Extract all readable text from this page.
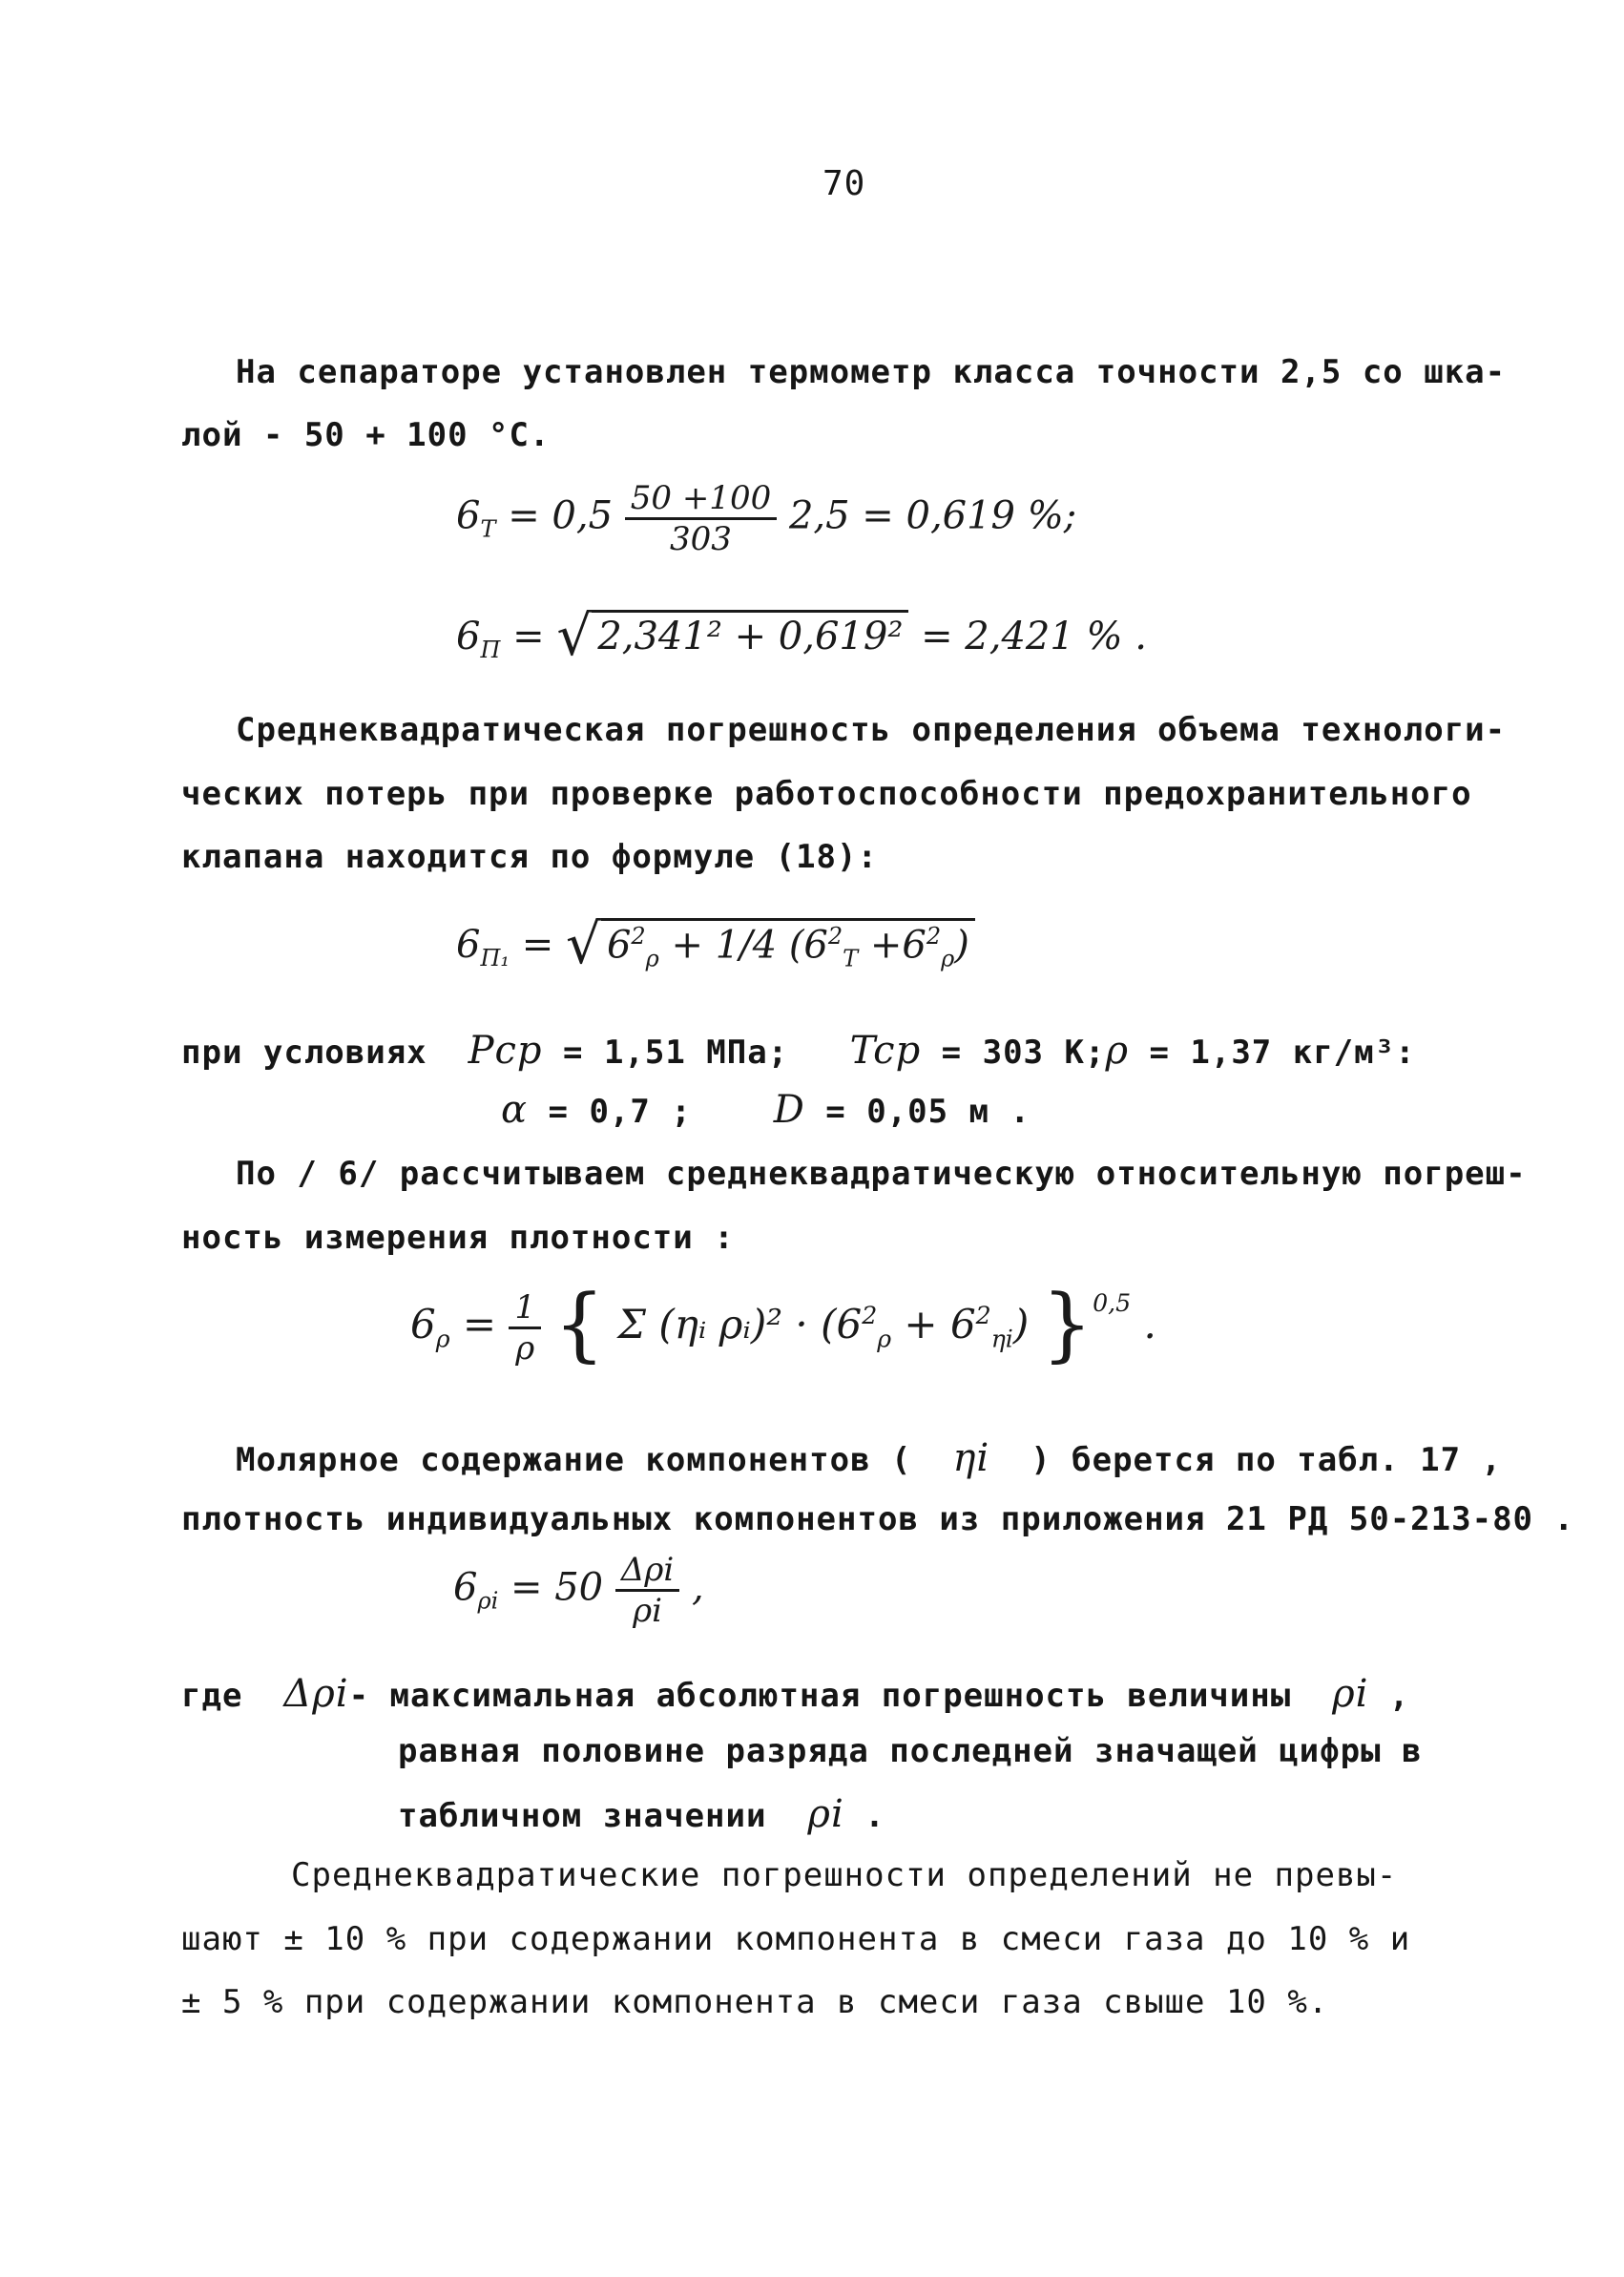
70
На сепараторе установлен термометр класса точности 2,5 со шка-
лой - 50 + 100 °С.
$6_T = 0,5 \frac{50 +100}{303} 2,5 = 0,619$ %;
$6_П$ = √ 2,341² + 0,619² = 2,421 % .
Среднеквадратическая погрешность определения объема технологи-
ческих потерь при проверке работоспособности предохранительного
клапана находится по формуле (18):
$6_{П_1}$ = √ $6^2_\rho + 1/4$ $(6^2_T +6^2_\rho)$
при условиях Pcp = 1,51 МПа; Tcp = 303 К;ρ = 1,37 кг/м³:
α = 0,7 ; D = 0,05 м .
По / 6/ рассчитываем среднеквадратическую относительную погреш-
ность измерения плотности :
$6_\rho = \frac{1}{\rho}$ { Σ (ηᵢ ρᵢ)² · $(6^2_\rho + 6^2_{\eta i})$ }$^{0,5}$ .
Молярное содержание компонентов ( ηi ) берется по табл. 17 ,
плотность индивидуальных компонентов из приложения 21 РД 50-213-80 .
$6_{\rho i} = 50 \frac{\text{Δρi}}{\rho i}$ ,
где Δρi- максимальная абсолютная погрешность величины ρi ,
равная половине разряда последней значащей цифры в
табличном значении ρi .
Среднеквадратические погрешности определений не превы-
шают ± 10 % при содержании компонента в смеси газа до 10 % и
± 5 % при содержании компонента в смеси газа свыше 10 %.
